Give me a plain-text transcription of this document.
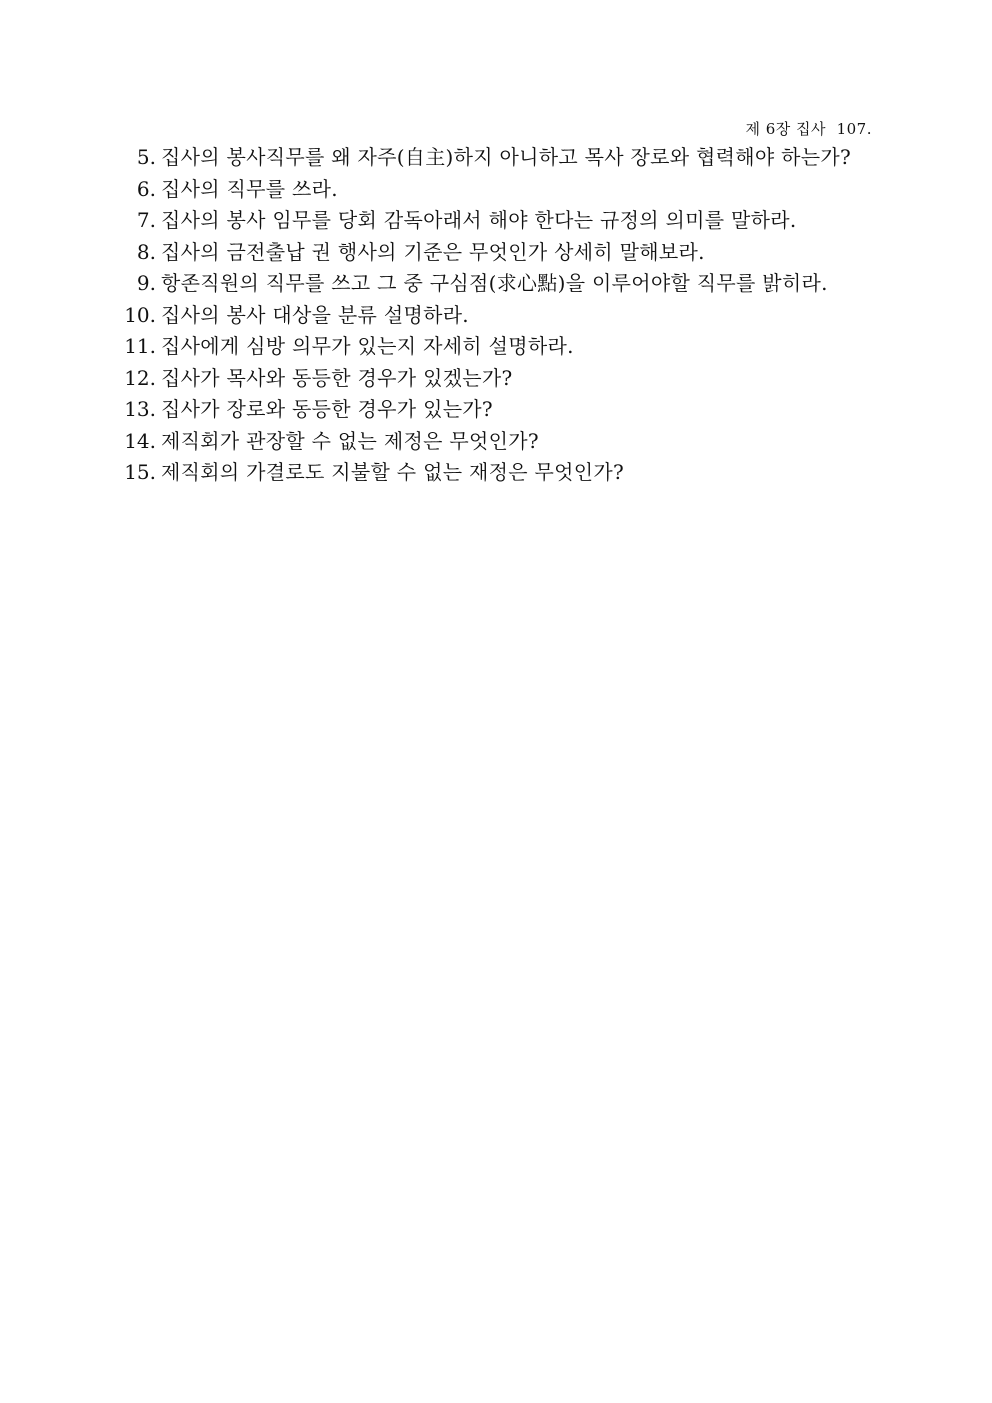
제 6장 집사 107.
5. 집사의 봉사직무를 왜 자주(自主)하지 아니하고 목사 장로와 협력해야 하는가?
6. 집사의 직무를 쓰라.
7. 집사의 봉사 임무를 당회 감독아래서 해야 한다는 규정의 의미를 말하라.
8. 집사의 금전출납 권 행사의 기준은 무엇인가 상세히 말해보라.
9. 항존직원의 직무를 쓰고 그 중 구심점(求心點)을 이루어야할 직무를 밝히라.
10. 집사의 봉사 대상을 분류 설명하라.
11. 집사에게 심방 의무가 있는지 자세히 설명하라.
12. 집사가 목사와 동등한 경우가 있겠는가?
13. 집사가 장로와 동등한 경우가 있는가?
14. 제직회가 관장할 수 없는 제정은 무엇인가?
15. 제직회의 가결로도 지불할 수 없는 재정은 무엇인가?
